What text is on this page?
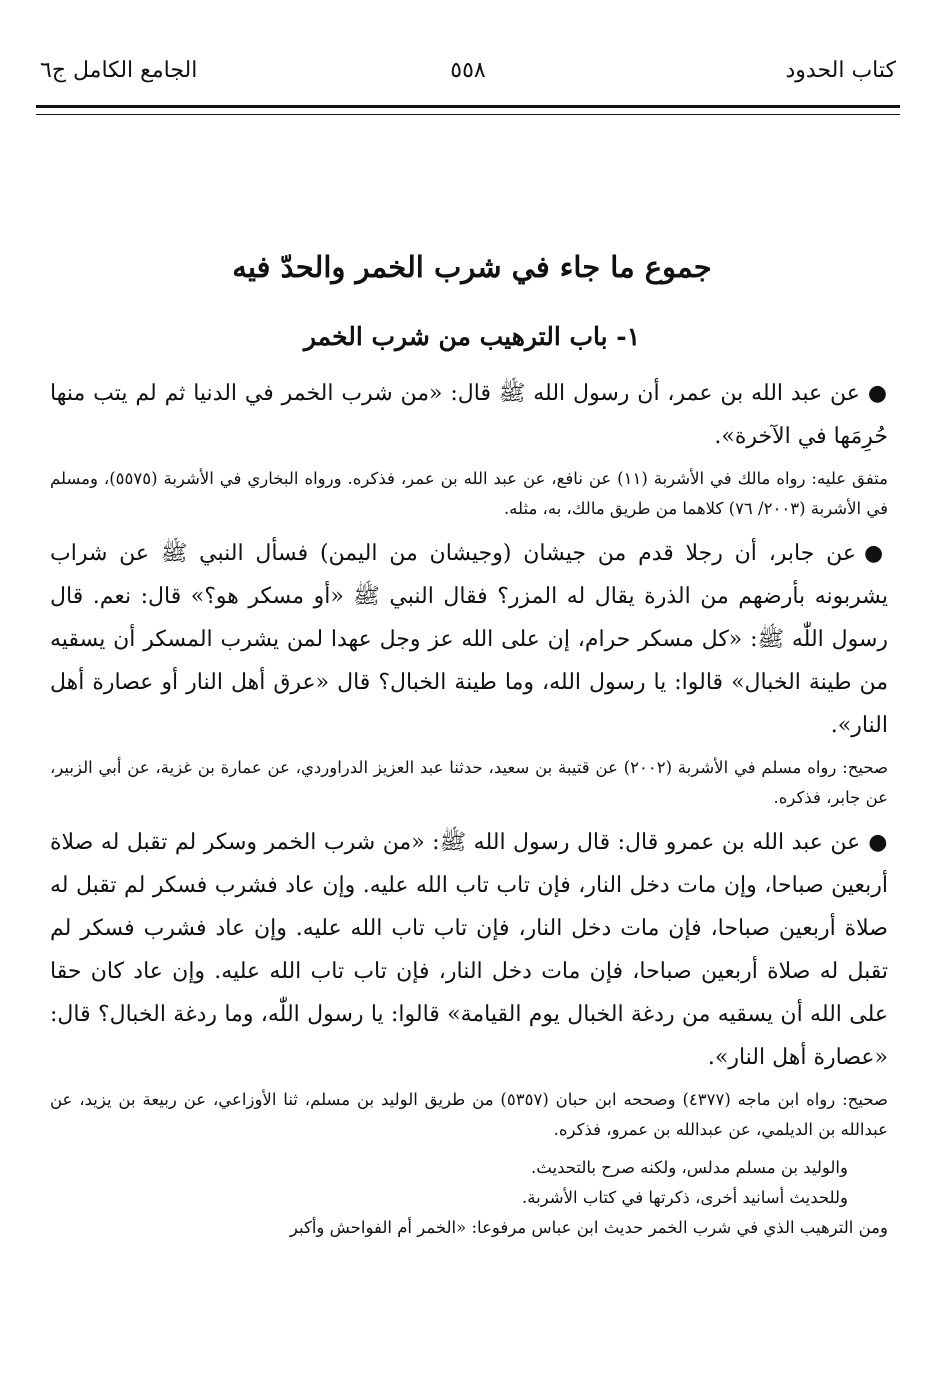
كتاب الحدود
٥٥٨
الجامع الكامل ج٦
جموع ما جاء في شرب الخمر والحدّ فيه
١- باب الترهيب من شرب الخمر

●عن عبد الله بن عمر، أن رسول الله ﷺ قال: «من شرب الخمر في الدنيا ثم لم يتب منها حُرِمَها في الآخرة».

متفق عليه: رواه مالك في الأشربة (١١) عن نافع، عن عبد الله بن عمر، فذكره. ورواه البخاري في الأشربة (٥٥٧٥)، ومسلم في الأشربة (٢٠٠٣/ ٧٦) كلاهما من طريق مالك، به، مثله.

●عن جابر، أن رجلا قدم من جيشان (وجيشان من اليمن) فسأل النبي ﷺ عن شراب يشربونه بأرضهم من الذرة يقال له المزر؟ فقال النبي ﷺ «أو مسكر هو؟» قال: نعم. قال رسول اللّٰه ﷺ: «كل مسكر حرام، إن على الله عز وجل عهدا لمن يشرب المسكر أن يسقيه من طينة الخبال» قالوا: يا رسول الله، وما طينة الخبال؟ قال «عرق أهل النار أو عصارة أهل النار».

صحيح: رواه مسلم في الأشربة (٢٠٠٢) عن قتيبة بن سعيد، حدثنا عبد العزيز الدراوردي، عن عمارة بن غزية، عن أبي الزبير، عن جابر، فذكره.

●عن عبد الله بن عمرو قال: قال رسول الله ﷺ: «من شرب الخمر وسكر لم تقبل له صلاة أربعين صباحا، وإن مات دخل النار، فإن تاب تاب الله عليه. وإن عاد فشرب فسكر لم تقبل له صلاة أربعين صباحا، فإن مات دخل النار، فإن تاب تاب الله عليه. وإن عاد فشرب فسكر لم تقبل له صلاة أربعين صباحا، فإن مات دخل النار، فإن تاب تاب الله عليه. وإن عاد كان حقا على الله أن يسقيه من ردغة الخبال يوم القيامة» قالوا: يا رسول اللّٰه، وما ردغة الخبال؟ قال: «عصارة أهل النار».

صحيح: رواه ابن ماجه (٤٣٧٧) وصححه ابن حبان (٥٣٥٧) من طريق الوليد بن مسلم، ثنا الأوزاعي، عن ربيعة بن يزيد، عن عبدالله بن الديلمي، عن عبدالله بن عمرو، فذكره.

والوليد بن مسلم مدلس، ولكنه صرح بالتحديث.

وللحديث أسانيد أخرى، ذكرتها في كتاب الأشربة.

ومن الترهيب الذي في شرب الخمر حديث ابن عباس مرفوعا: «الخمر أم الفواحش وأكبر
